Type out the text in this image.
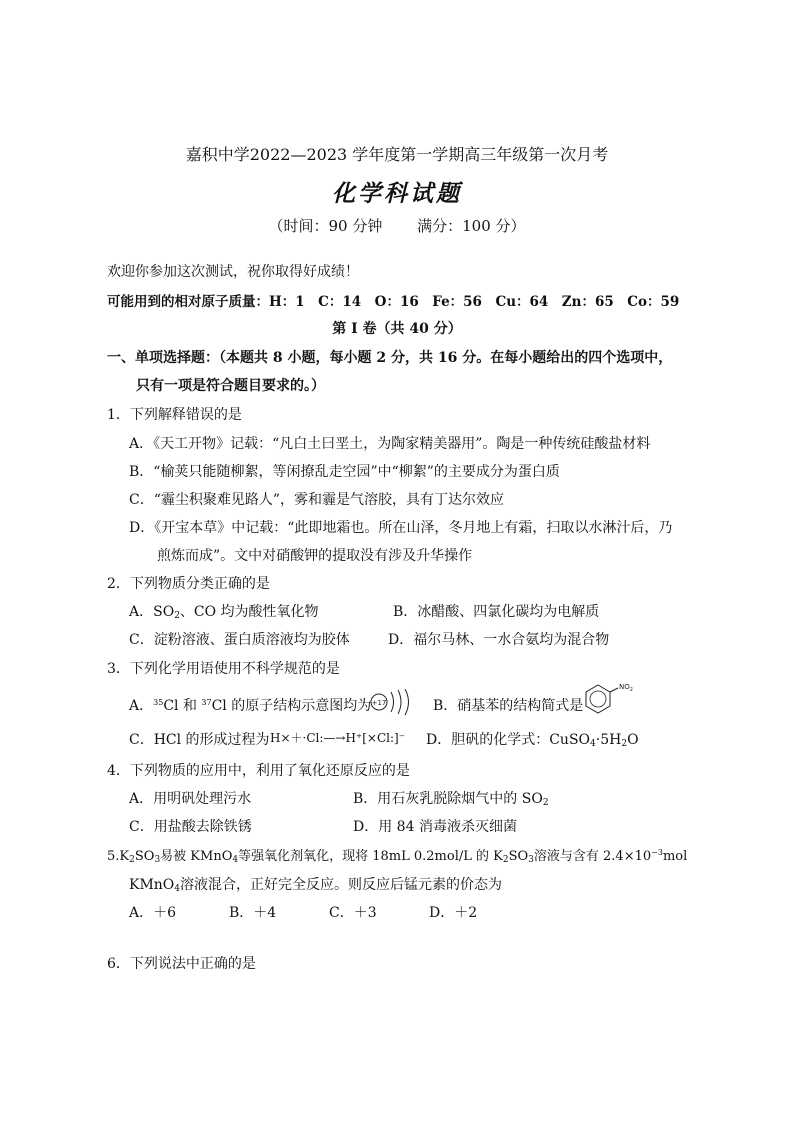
嘉积中学2022—2023 学年度第一学期高三年级第一次月考
化学科试题
（时间：90 分钟　　 满分：100 分）
欢迎你参加这次测试，祝你取得好成绩！
可能用到的相对原子质量：H：1　C：14　O：16　Fe：56　Cu：64　Zn：65　Co：59
第 I 卷（共 40 分）
一、单项选择题：（本题共 8 小题，每小题 2 分，共 16 分。在每小题给出的四个选项中，
只有一项是符合题目要求的。）
1．下列解释错误的是
A．《天工开物》记载：“凡白土曰垩土，为陶家精美器用”。陶是一种传统硅酸盐材料
B．“榆荚只能随柳絮，等闲撩乱走空园”中“柳絮”的主要成分为蛋白质
C．“霾尘积聚难见路人”，雾和霾是气溶胶，具有丁达尔效应
D．《开宝本草》中记载：“此即地霜也。所在山泽，冬月地上有霜，扫取以水淋汁后，乃
煎炼而成”。文中对硝酸钾的提取没有涉及升华操作
2．下列物质分类正确的是
A．$SO_2$、CO 均为酸性氧化物	B．冰醋酸、四氯化碳均为电解质
C．淀粉溶液、蛋白质溶液均为胶体	D．福尔马林、一水合氨均为混合物
3．下列化学用语使用不科学规范的是
A．$^{35}$Cl 和 $^{37}$Cl 的原子结构示意图均为 +17	B．硝基苯的结构简式是
$NO_2$
C．HCl 的形成过程为 H×＋·Cl:—→H⁺[×Cl:]⁻ D．胆矾的化学式：$CuSO_4\cdot 5H_2O$
4．下列物质的应用中，利用了氧化还原反应的是
A．用明矾处理污水	B．用石灰乳脱除烟气中的 $SO_2$
C．用盐酸去除铁锈	D．用 84 消毒液杀灭细菌
$5.K_2SO_3$易被 KMnO$_4$等强氧化剂氧化，现将 18mL 0.2mol/L 的 $K_2SO_3$溶液与含有 $2.4\times 10^{-3}mol$
KMnO$_4$溶液混合，正好完全反应。则反应后锰元素的价态为
A．＋6	B．＋4	C．＋3	D．＋2
6．下列说法中正确的是
